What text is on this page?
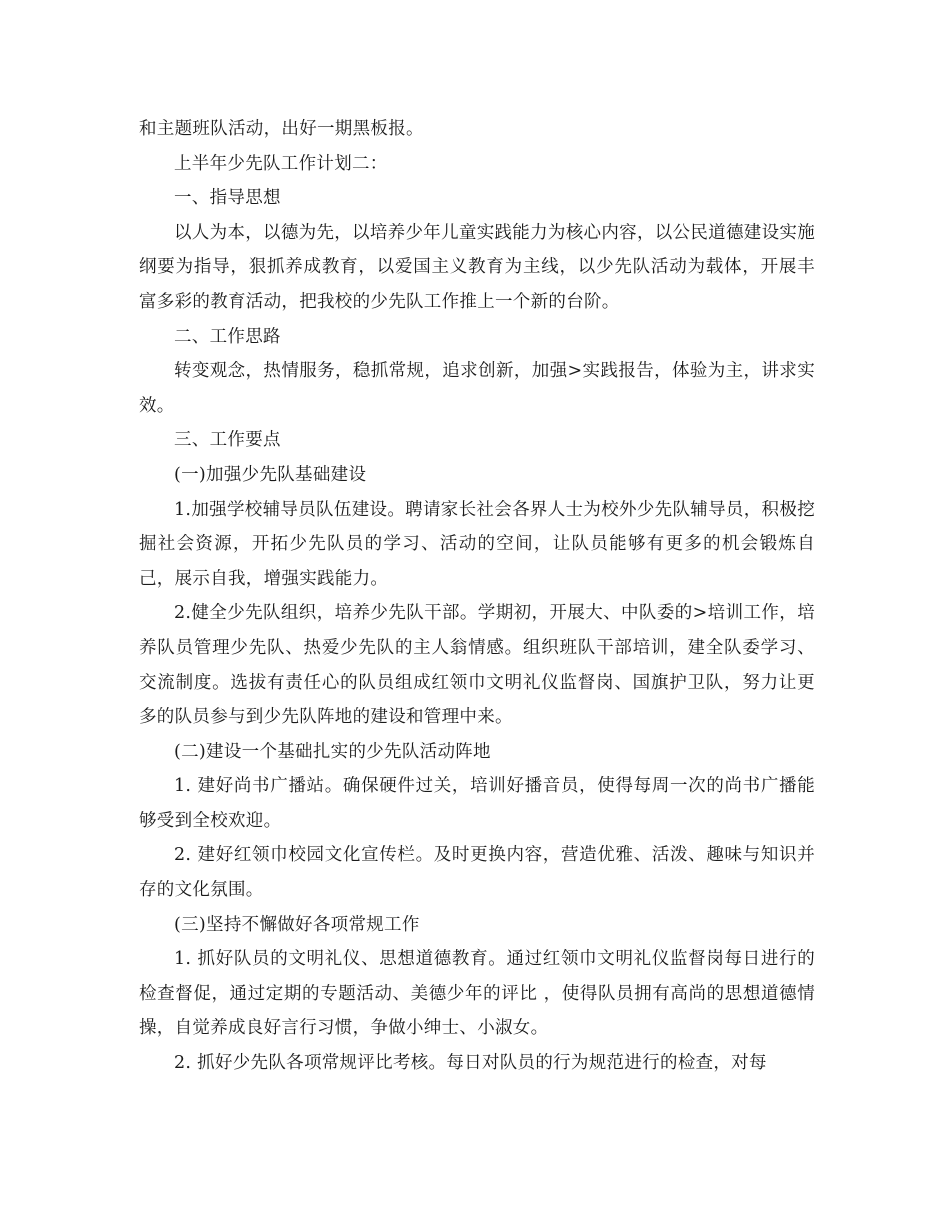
和主题班队活动，出好一期黑板报。

上半年少先队工作计划二：

一、指导思想

以人为本，以德为先，以培养少年儿童实践能力为核心内容，以公民道德建设实施纲要为指导，狠抓养成教育，以爱国主义教育为主线，以少先队活动为载体，开展丰富多彩的教育活动，把我校的少先队工作推上一个新的台阶。

二、工作思路

转变观念，热情服务，稳抓常规，追求创新，加强>实践报告，体验为主，讲求实效。

三、工作要点

(一)加强少先队基础建设

1.加强学校辅导员队伍建设。聘请家长社会各界人士为校外少先队辅导员，积极挖掘社会资源，开拓少先队员的学习、活动的空间，让队员能够有更多的机会锻炼自己，展示自我，增强实践能力。

2.健全少先队组织，培养少先队干部。学期初，开展大、中队委的>培训工作，培养队员管理少先队、热爱少先队的主人翁情感。组织班队干部培训，建全队委学习、交流制度。选拔有责任心的队员组成红领巾文明礼仪监督岗、国旗护卫队，努力让更多的队员参与到少先队阵地的建设和管理中来。

(二)建设一个基础扎实的少先队活动阵地

1. 建好尚书广播站。确保硬件过关，培训好播音员，使得每周一次的尚书广播能够受到全校欢迎。

2. 建好红领巾校园文化宣传栏。及时更换内容，营造优雅、活泼、趣味与知识并存的文化氛围。

(三)坚持不懈做好各项常规工作

1. 抓好队员的文明礼仪、思想道德教育。通过红领巾文明礼仪监督岗每日进行的检查督促，通过定期的专题活动、美德少年的评比 ，使得队员拥有高尚的思想道德情操，自觉养成良好言行习惯，争做小绅士、小淑女。

2. 抓好少先队各项常规评比考核。每日对队员的行为规范进行的检查，对每
